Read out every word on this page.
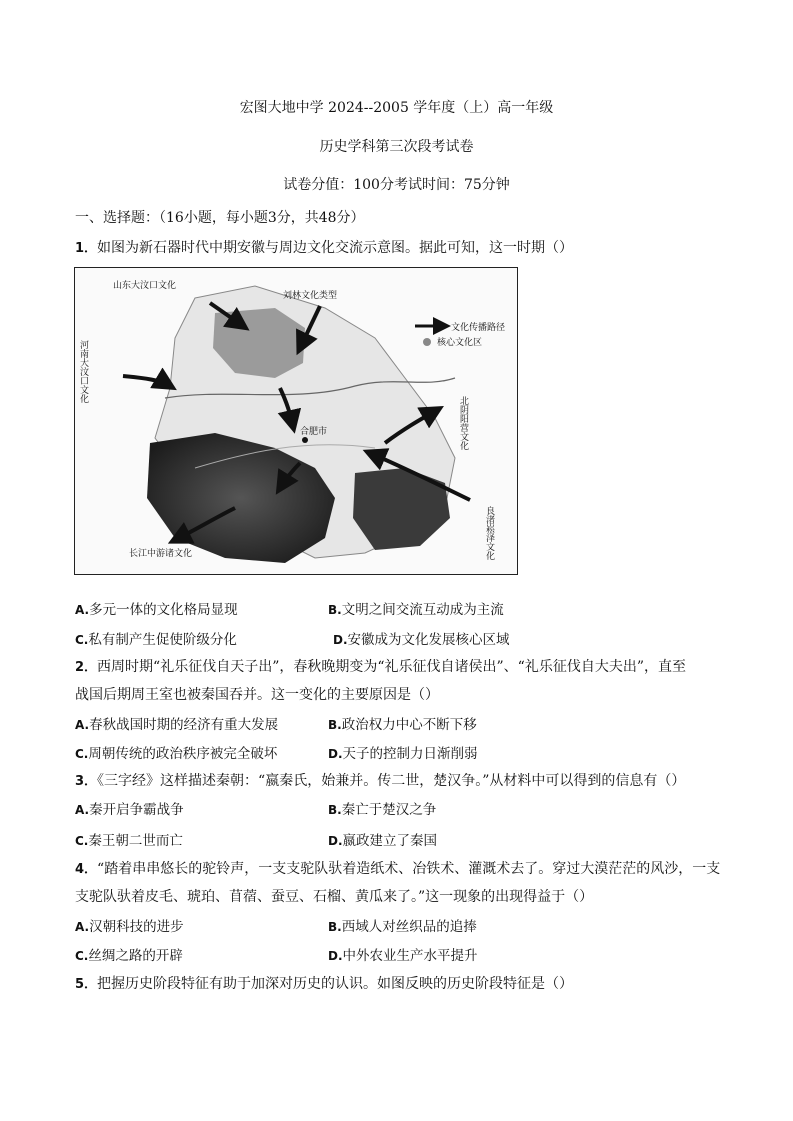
宏图大地中学 2024--2005 学年度（上）高一年级
历史学科第三次段考试卷
试卷分值：100分考试时间：75分钟
一、选择题：（16小题，每小题3分，共48分）
1．如图为新石器时代中期安徽与周边文化交流示意图。据此可知，这一时期（）
山东大汶口文化
刘林文化类型
文化传播路径
核心文化区
合肥市
长江中游诸文化
河南大汶口文化
北阴阳营文化
良渚崧泽文化
A.多元一体的文化格局显现	B.文明之间交流互动成为主流
C.私有制产生促使阶级分化	D.安徽成为文化发展核心区域
2．西周时期“礼乐征伐自天子出”，春秋晚期变为“礼乐征伐自诸侯出”、“礼乐征伐自大夫出”，直至
战国后期周王室也被秦国吞并。这一变化的主要原因是（）
A.春秋战国时期的经济有重大发展	B.政治权力中心不断下移
C.周朝传统的政治秩序被完全破坏	D.天子的控制力日渐削弱
3．《三字经》这样描述秦朝：“嬴秦氏，始兼并。传二世，楚汉争。”从材料中可以得到的信息有（）
A.秦开启争霸战争	B.秦亡于楚汉之争
C.秦王朝二世而亡	D.嬴政建立了秦国
4．“踏着串串悠长的驼铃声，一支支驼队驮着造纸术、冶铁术、灌溉术去了。穿过大漠茫茫的风沙，一支
支驼队驮着皮毛、琥珀、苜蓿、蚕豆、石榴、黄瓜来了。”这一现象的出现得益于（）
A.汉朝科技的进步	B.西域人对丝织品的追捧
C.丝绸之路的开辟	D.中外农业生产水平提升
5．把握历史阶段特征有助于加深对历史的认识。如图反映的历史阶段特征是（）
